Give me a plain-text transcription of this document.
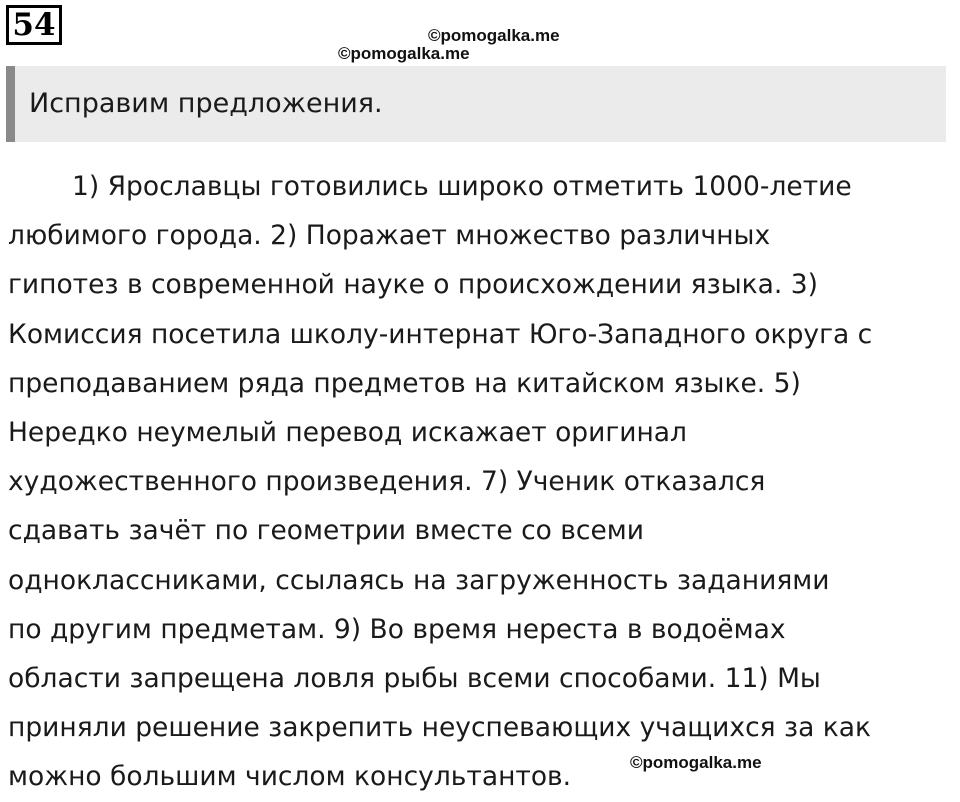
54	©pomogalka.me
©pomogalka.me
Исправим предложения.

1) Ярославцы готовились широко отметить 1000-летие
любимого города. 2) Поражает множество различных
гипотез в современной науке о происхождении языка. 3)
Комиссия посетила школу-интернат Юго-Западного округа с
преподаванием ряда предметов на китайском языке. 5)
Нередко неумелый перевод искажает оригинал
художественного произведения. 7) Ученик отказался
сдавать зачёт по геометрии вместе со всеми
одноклассниками, ссылаясь на загруженность заданиями
по другим предметам. 9) Во время нереста в водоёмах
области запрещена ловля рыбы всеми способами. 11) Мы
приняли решение закрепить неуспевающих учащихся за как
можно большим числом консультантов.	©pomogalka.me
